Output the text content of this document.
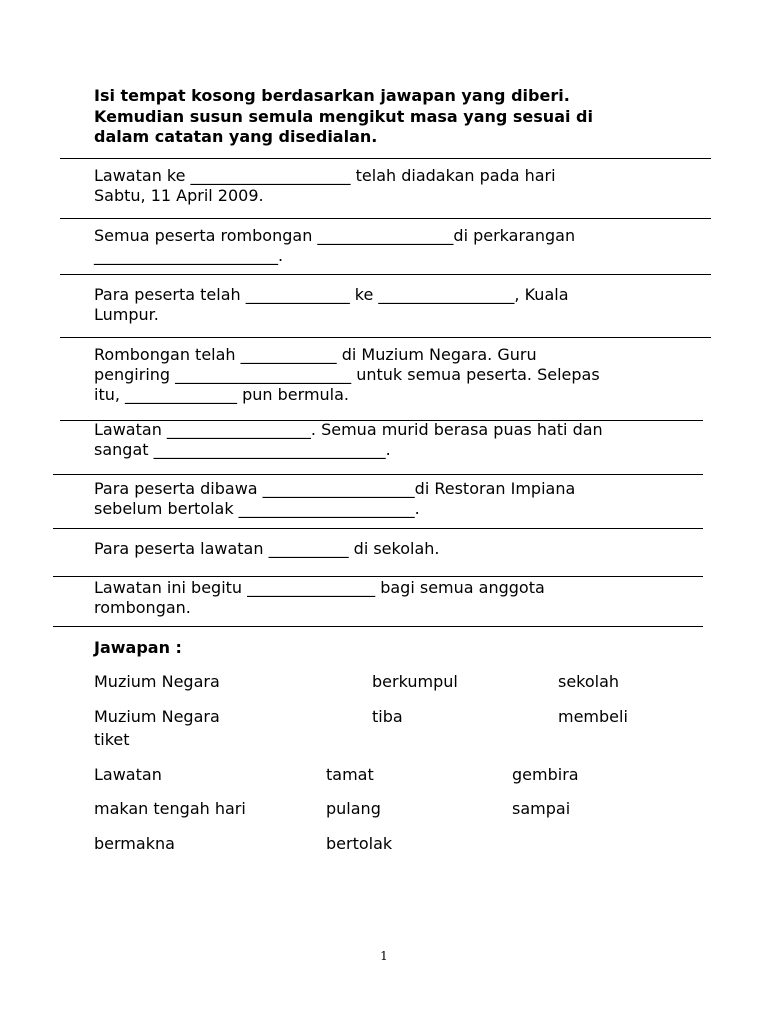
Isi tempat kosong berdasarkan jawapan yang diberi.
Kemudian susun semula mengikut masa yang sesuai di
dalam catatan yang disedialan.
Lawatan ke ____________________ telah diadakan pada hari
Sabtu, 11 April 2009.
Semua peserta rombongan _________________di perkarangan
_______________________.
Para peserta telah _____________ ke _________________, Kuala
Lumpur.
Rombongan telah ____________ di Muzium Negara. Guru
pengiring ______________________ untuk semua peserta. Selepas
itu, ______________ pun bermula.
Lawatan __________________. Semua murid berasa puas hati dan
sangat _____________________________.
Para peserta dibawa ___________________di Restoran Impiana
sebelum bertolak ______________________.
Para peserta lawatan __________ di sekolah.
Lawatan ini begitu ________________ bagi semua anggota
rombongan.
Jawapan :
Muzium Negara	berkumpul	sekolah
Muzium Negara	tiba	membeli
tiket
Lawatan	tamat	gembira
makan tengah hari	pulang	sampai
bermakna	bertolak
1
